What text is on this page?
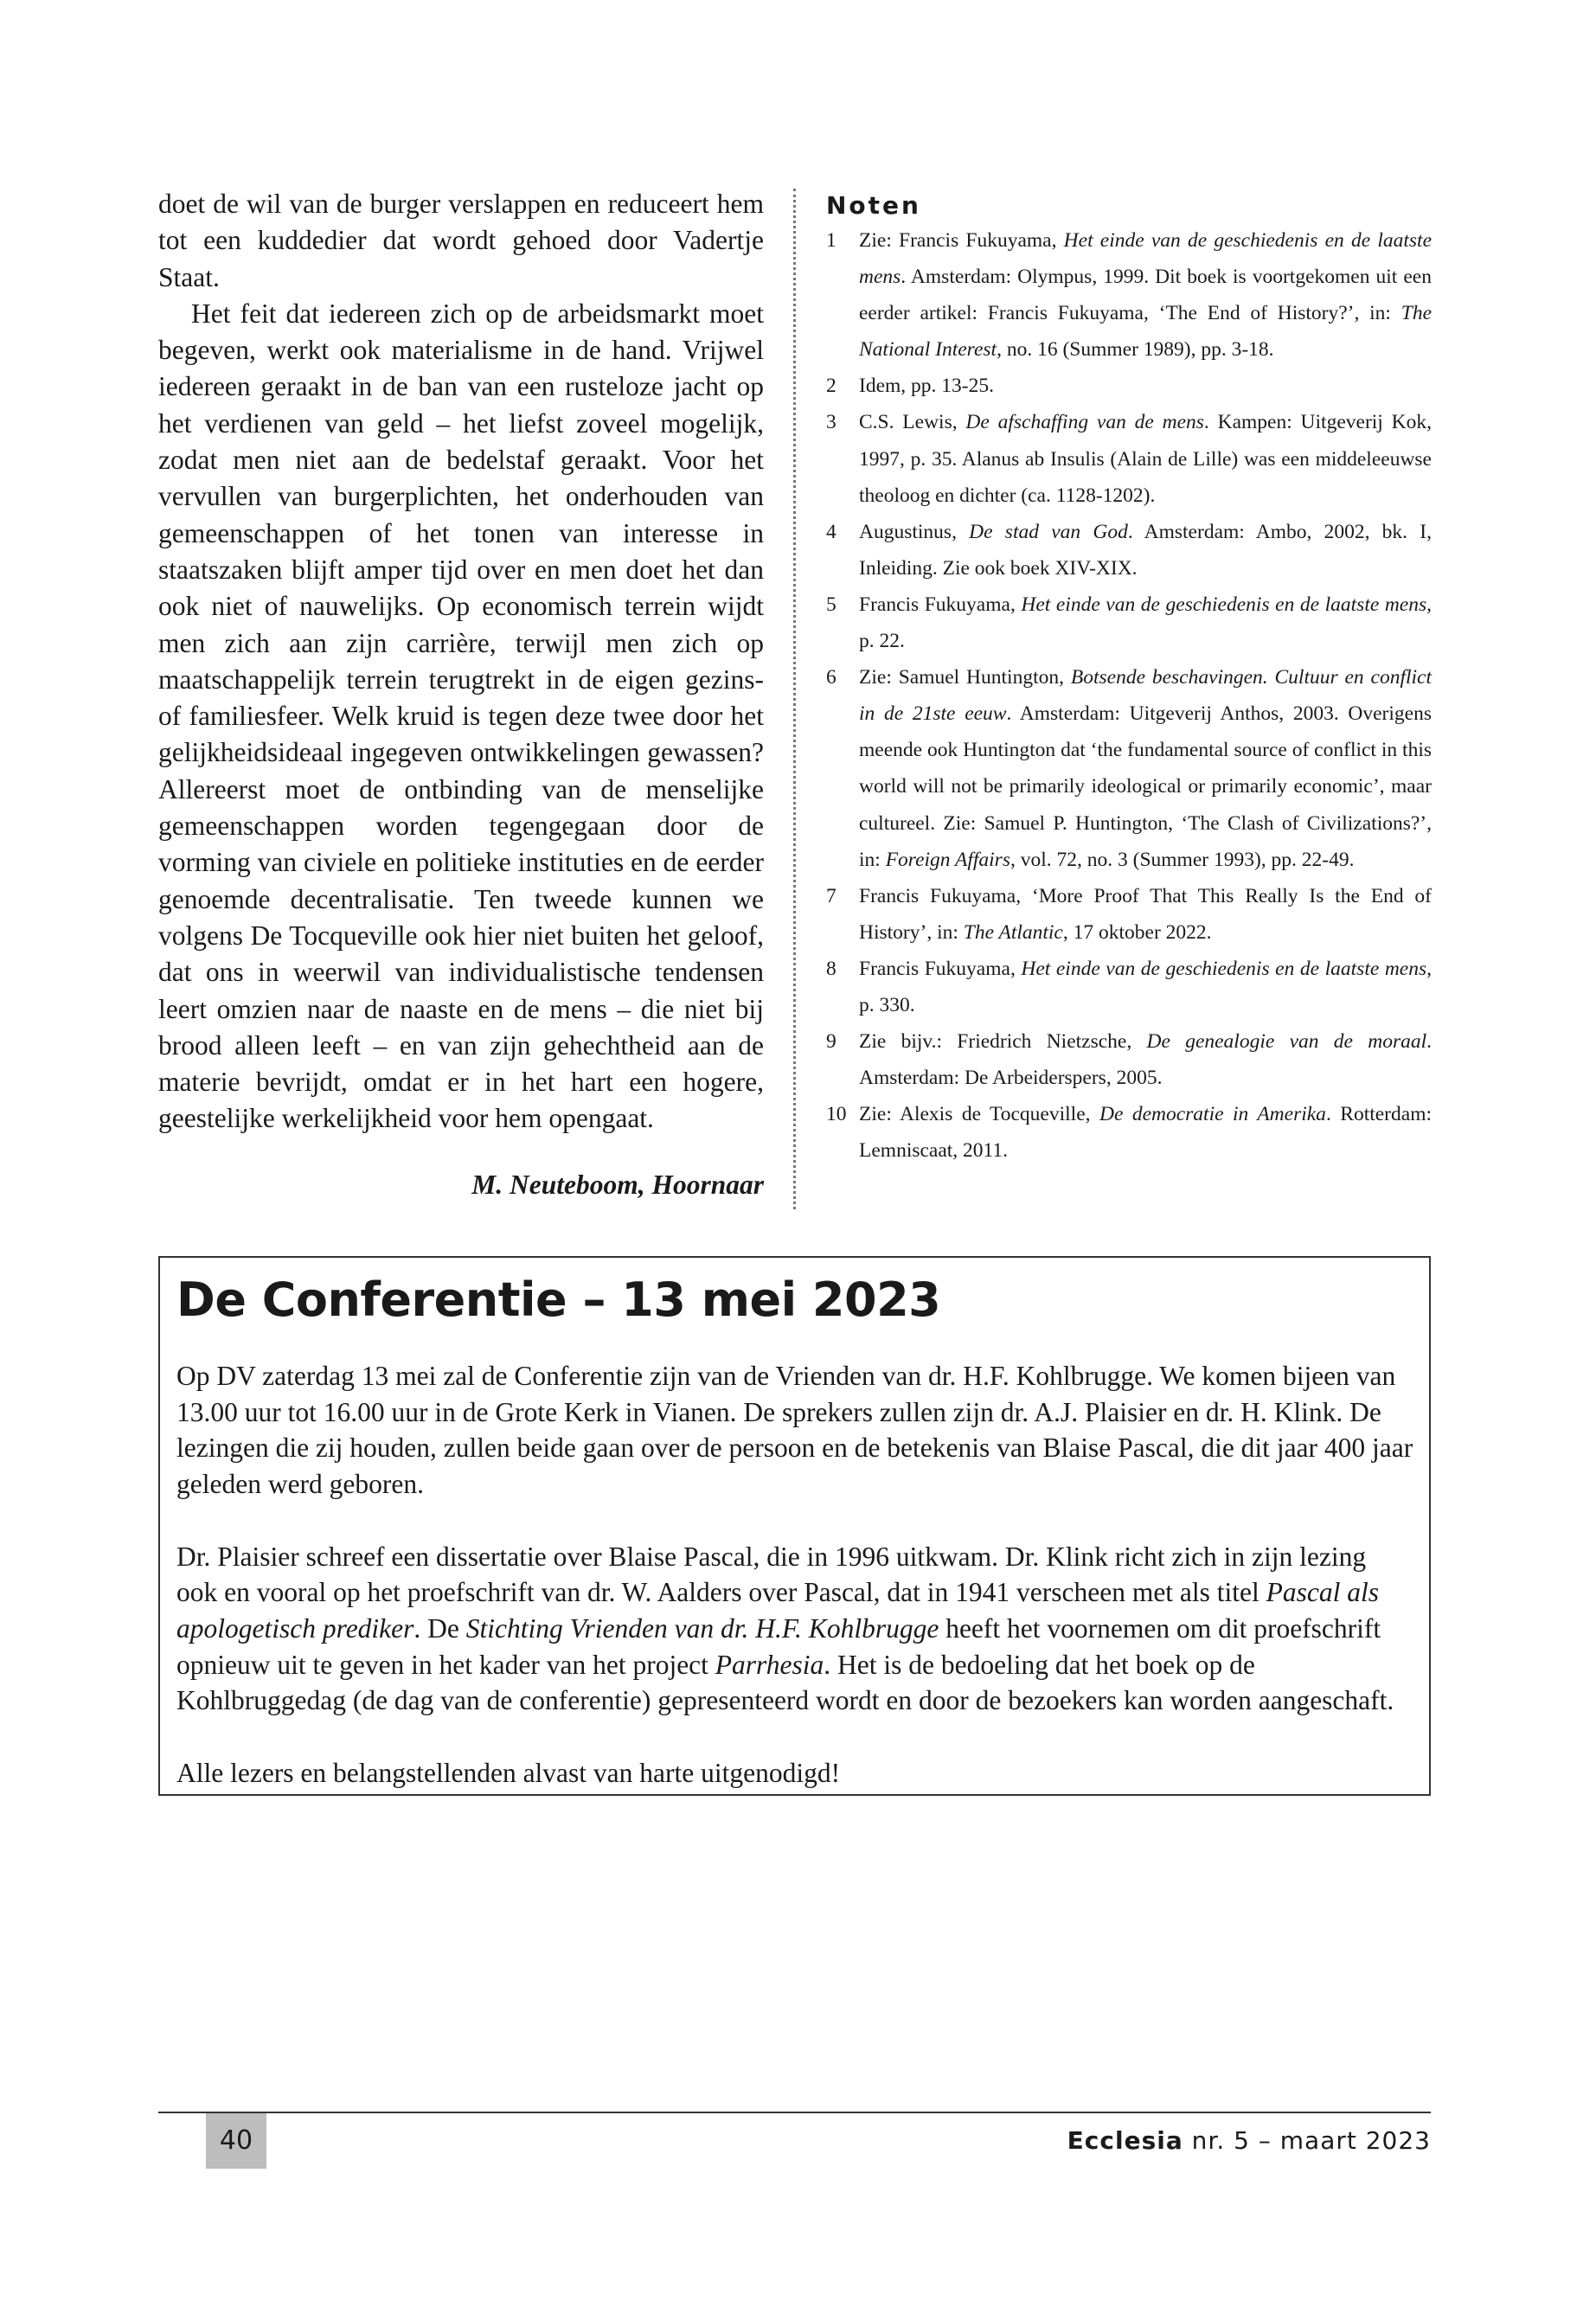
doet de wil van de burger verslappen en reduceert hem tot een kuddedier dat wordt gehoed door Vadertje Staat.

Het feit dat iedereen zich op de arbeidsmarkt moet begeven, werkt ook materialisme in de hand. Vrijwel iedereen geraakt in de ban van een rusteloze jacht op het verdienen van geld – het liefst zoveel mogelijk, zodat men niet aan de bedelstaf geraakt. Voor het vervullen van burgerplichten, het onderhouden van gemeenschappen of het tonen van interesse in staatszaken blijft amper tijd over en men doet het dan ook niet of nauwelijks. Op economisch terrein wijdt men zich aan zijn carrière, terwijl men zich op maatschappelijk terrein terugtrekt in de eigen gezins- of familiesfeer. Welk kruid is tegen deze twee door het gelijkheidsideaal ingegeven ontwikkelingen gewassen? Allereerst moet de ontbinding van de menselijke gemeenschappen worden tegengegaan door de vorming van civiele en politieke instituties en de eerder genoemde decentralisatie. Ten tweede kunnen we volgens De Tocqueville ook hier niet buiten het geloof, dat ons in weerwil van individualistische tendensen leert omzien naar de naaste en de mens – die niet bij brood alleen leeft – en van zijn gehechtheid aan de materie bevrijdt, omdat er in het hart een hogere, geestelijke werkelijkheid voor hem opengaat.

M. Neuteboom, Hoornaar

Noten
1	Zie: Francis Fukuyama, Het einde van de geschiedenis en de laatste mens. Amsterdam: Olympus, 1999. Dit boek is voortgekomen uit een eerder artikel: Francis Fukuyama, ‘The End of History?’, in: The National Interest, no. 16 (Summer 1989), pp. 3-18.
2	Idem, pp. 13-25.
3	C.S. Lewis, De afschaffing van de mens. Kampen: Uitgeverij Kok, 1997, p. 35. Alanus ab Insulis (Alain de Lille) was een middeleeuwse theoloog en dichter (ca. 1128-1202).
4	Augustinus, De stad van God. Amsterdam: Ambo, 2002, bk. I, Inleiding. Zie ook boek XIV-XIX.
5	Francis Fukuyama, Het einde van de geschiedenis en de laatste mens, p. 22.
6	Zie: Samuel Huntington, Botsende beschavingen. Cultuur en conflict in de 21ste eeuw. Amsterdam: Uitgeverij Anthos, 2003. Overigens meende ook Huntington dat ‘the fundamental source of conflict in this world will not be primarily ideological or primarily economic’, maar cultureel. Zie: Samuel P. Huntington, ‘The Clash of Civilizations?’, in: Foreign Affairs, vol. 72, no. 3 (Summer 1993), pp. 22-49.
7	Francis Fukuyama, ‘More Proof That This Really Is the End of History’, in: The Atlantic, 17 oktober 2022.
8	Francis Fukuyama, Het einde van de geschiedenis en de laatste mens, p. 330.
9	Zie bijv.: Friedrich Nietzsche, De genealogie van de moraal. Amsterdam: De Arbeiderspers, 2005.
10 Zie: Alexis de Tocqueville, De democratie in Amerika. Rotterdam: Lemniscaat, 2011.
De Conferentie – 13 mei 2023

Op DV zaterdag 13 mei zal de Conferentie zijn van de Vrienden van dr. H.F. Kohlbrugge. We komen bijeen van 13.00 uur tot 16.00 uur in de Grote Kerk in Vianen. De sprekers zullen zijn dr. A.J. Plaisier en dr. H. Klink. De lezingen die zij houden, zullen beide gaan over de persoon en de betekenis van Blaise Pascal, die dit jaar 400 jaar geleden werd geboren.

Dr. Plaisier schreef een dissertatie over Blaise Pascal, die in 1996 uitkwam. Dr. Klink richt zich in zijn lezing ook en vooral op het proefschrift van dr. W. Aalders over Pascal, dat in 1941 verscheen met als titel Pascal als apologetisch prediker. De Stichting Vrienden van dr. H.F. Kohlbrugge heeft het voornemen om dit proefschrift opnieuw uit te geven in het kader van het project Parrhesia. Het is de bedoeling dat het boek op de Kohlbruggedag (de dag van de conferentie) gepresenteerd wordt en door de bezoekers kan worden aangeschaft.

Alle lezers en belangstellenden alvast van harte uitgenodigd!

40	Ecclesia nr. 5 – maart 2023
